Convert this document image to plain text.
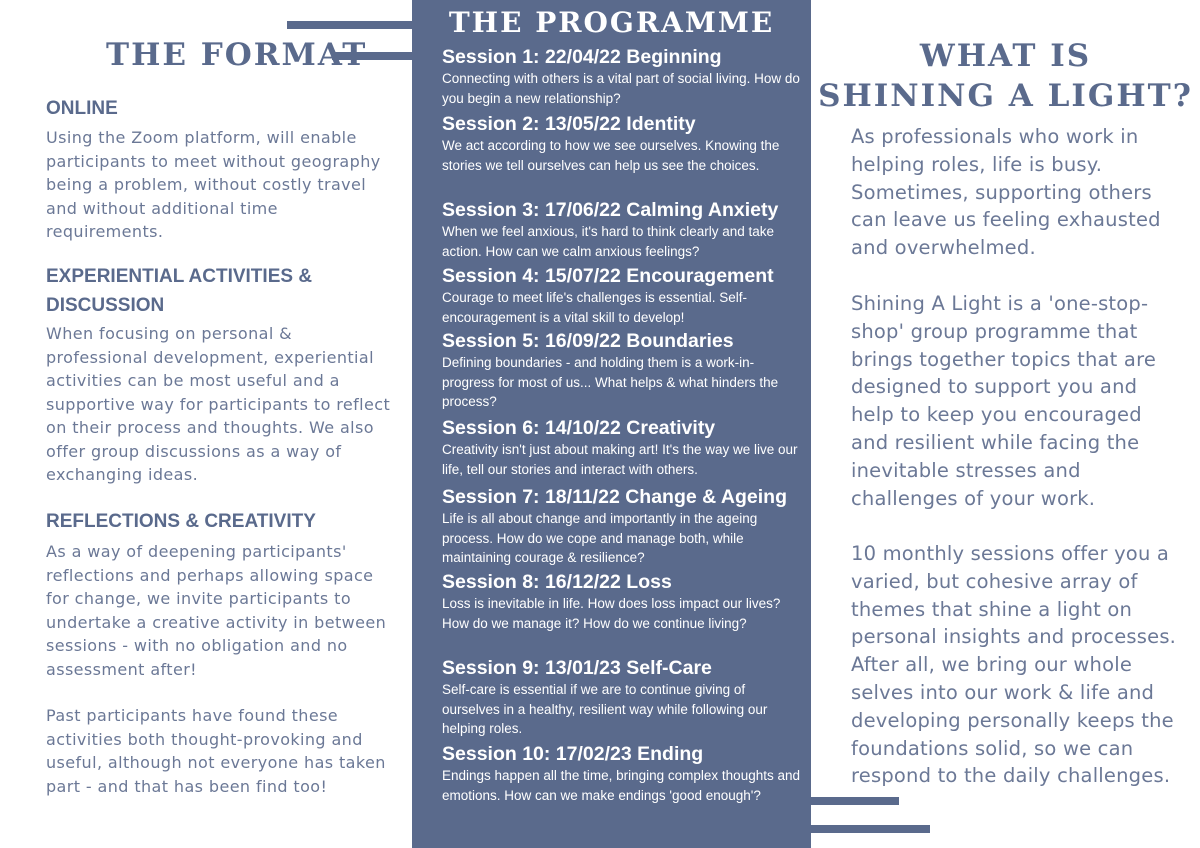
THE FORMAT
ONLINE

Using the Zoom platform, will enable participants to meet without geography being a problem, without costly travel and without additional time requirements.

EXPERIENTIAL ACTIVITIES & DISCUSSION

When focusing on personal & professional development, experiential activities can be most useful and a supportive way for participants to reflect on their process and thoughts. We also offer group discussions as a way of exchanging ideas.

REFLECTIONS & CREATIVITY

As a way of deepening participants' reflections and perhaps allowing space for change, we invite participants to undertake a creative activity in between sessions - with no obligation and no assessment after!

Past participants have found these activities both thought-provoking and useful, although not everyone has taken part - and that has been find too!

THE PROGRAMME

Session 1: 22/04/22 Beginning

Connecting with others is a vital part of social living. How do you begin a new relationship?

Session 2: 13/05/22 Identity

We act according to how we see ourselves. Knowing the stories we tell ourselves can help us see the choices.

Session 3: 17/06/22 Calming Anxiety

When we feel anxious, it's hard to think clearly and take action. How can we calm anxious feelings?

Session 4: 15/07/22 Encouragement

Courage to meet life's challenges is essential. Self-encouragement is a vital skill to develop!

Session 5: 16/09/22 Boundaries

Defining boundaries - and holding them is a work-in-progress for most of us... What helps & what hinders the process?

Session 6: 14/10/22 Creativity

Creativity isn't just about making art! It's the way we live our life, tell our stories and interact with others.

Session 7: 18/11/22 Change & Ageing

Life is all about change and importantly in the ageing process. How do we cope and manage both, while maintaining courage & resilience?

Session 8: 16/12/22 Loss

Loss is inevitable in life. How does loss impact our lives? How do we manage it? How do we continue living?

Session 9: 13/01/23 Self-Care

Self-care is essential if we are to continue giving of ourselves in a healthy, resilient way while following our helping roles.

Session 10: 17/02/23 Ending

Endings happen all the time, bringing complex thoughts and emotions. How can we make endings 'good enough'?

WHAT IS
SHINING A LIGHT?

As professionals who work in helping roles, life is busy. Sometimes, supporting others can leave us feeling exhausted and overwhelmed.

Shining A Light is a 'one-stop-shop' group programme that brings together topics that are designed to support you and help to keep you encouraged and resilient while facing the inevitable stresses and challenges of your work.

10 monthly sessions offer you a varied, but cohesive array of themes that shine a light on personal insights and processes. After all, we bring our whole selves into our work & life and developing personally keeps the foundations solid, so we can respond to the daily challenges.
